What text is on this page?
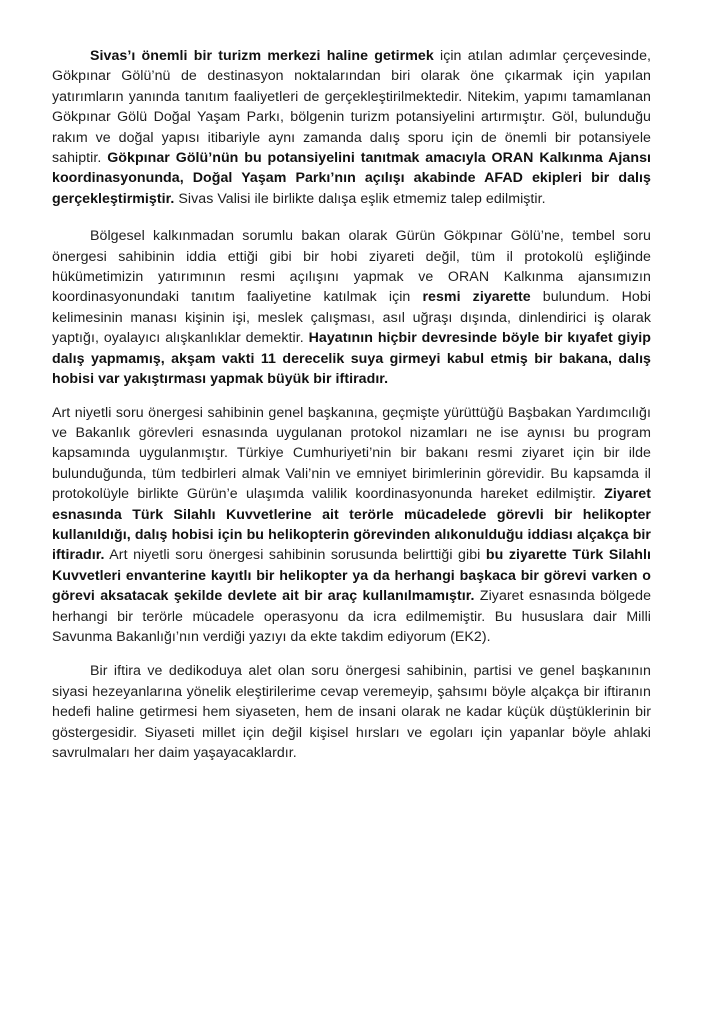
Sivas’ı önemli bir turizm merkezi haline getirmek için atılan adımlar çerçevesinde, Gökpınar Gölü’nü de destinasyon noktalarından biri olarak öne çıkarmak için yapılan yatırımların yanında tanıtım faaliyetleri de gerçekleştirilmektedir. Nitekim, yapımı tamamlanan Gökpınar Gölü Doğal Yaşam Parkı, bölgenin turizm potansiyelini artırmıştır. Göl, bulunduğu rakım ve doğal yapısı itibariyle aynı zamanda dalış sporu için de önemli bir potansiyele sahiptir. Gökpınar Gölü’nün bu potansiyelini tanıtmak amacıyla ORAN Kalkınma Ajansı koordinasyonunda, Doğal Yaşam Parkı’nın açılışı akabinde AFAD ekipleri bir dalış gerçekleştirmiştir. Sivas Valisi ile birlikte dalışa eşlik etmemiz talep edilmiştir.

Bölgesel kalkınmadan sorumlu bakan olarak Gürün Gökpınar Gölü’ne, tembel soru önergesi sahibinin iddia ettiği gibi bir hobi ziyareti değil, tüm il protokolü eşliğinde hükümetimizin yatırımının resmi açılışını yapmak ve ORAN Kalkınma ajansımızın koordinasyonundaki tanıtım faaliyetine katılmak için resmi ziyarette bulundum. Hobi kelimesinin manası kişinin işi, meslek çalışması, asıl uğraşı dışında, dinlendirici iş olarak yaptığı, oyalayıcı alışkanlıklar demektir. Hayatının hiçbir devresinde böyle bir kıyafet giyip dalış yapmamış, akşam vakti 11 derecelik suya girmeyi kabul etmiş bir bakana, dalış hobisi var yakıştırması yapmak büyük bir iftiradır.

Art niyetli soru önergesi sahibinin genel başkanına, geçmişte yürüttüğü Başbakan Yardımcılığı ve Bakanlık görevleri esnasında uygulanan protokol nizamları ne ise aynısı bu program kapsamında uygulanmıştır. Türkiye Cumhuriyeti’nin bir bakanı resmi ziyaret için bir ilde bulunduğunda, tüm tedbirleri almak Vali’nin ve emniyet birimlerinin görevidir. Bu kapsamda il protokolüyle birlikte Gürün’e ulaşımda valilik koordinasyonunda hareket edilmiştir. Ziyaret esnasında Türk Silahlı Kuvvetlerine ait terörle mücadelede görevli bir helikopter kullanıldığı, dalış hobisi için bu helikopterin görevinden alıkonulduğu iddiası alçakça bir iftiradır. Art niyetli soru önergesi sahibinin sorusunda belirttiği gibi bu ziyarette Türk Silahlı Kuvvetleri envanterine kayıtlı bir helikopter ya da herhangi başkaca bir görevi varken o görevi aksatacak şekilde devlete ait bir araç kullanılmamıştır. Ziyaret esnasında bölgede herhangi bir terörle mücadele operasyonu da icra edilmemiştir. Bu hususlara dair Milli Savunma Bakanlığı’nın verdiği yazıyı da ekte takdim ediyorum (EK2).

Bir iftira ve dedikoduya alet olan soru önergesi sahibinin, partisi ve genel başkanının siyasi hezeyanlarına yönelik eleştirilerime cevap veremeyip, şahsımı böyle alçakça bir iftiranın hedefi haline getirmesi hem siyaseten, hem de insani olarak ne kadar küçük düştüklerinin bir göstergesidir. Siyaseti millet için değil kişisel hırsları ve egoları için yapanlar böyle ahlaki savrulmaları her daim yaşayacaklardır.
